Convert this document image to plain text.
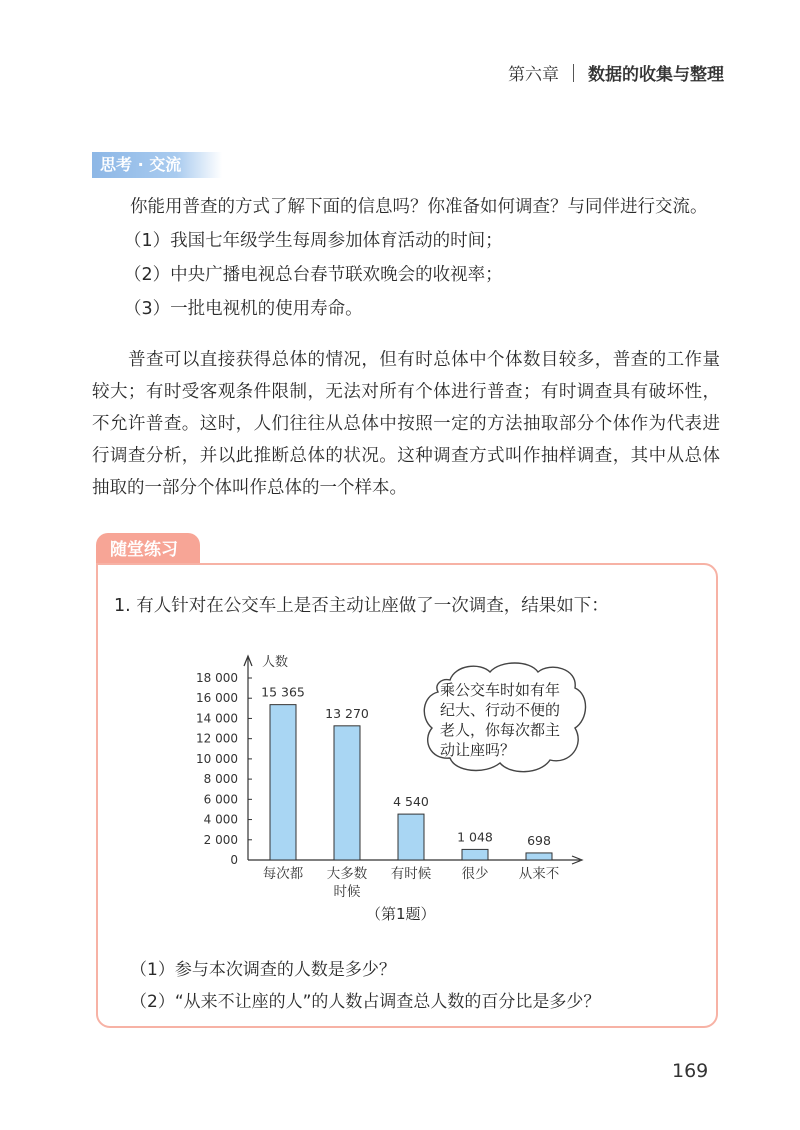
第六章 数据的收集与整理
思考 · 交流
你能用普查的方式了解下面的信息吗？你准备如何调查？与同伴进行交流。
（1）我国七年级学生每周参加体育活动的时间；
（2）中央广播电视总台春节联欢晚会的收视率；
（3）一批电视机的使用寿命。
普查可以直接获得总体的情况，但有时总体中个体数目较多，普查的工作量较大；有时受客观条件限制，无法对所有个体进行普查；有时调查具有破坏性，不允许普查。这时，人们往往从总体中按照一定的方法抽取部分个体作为代表进行调查分析，并以此推断总体的状况。这种调查方式叫作抽样调查，其中从总体抽取的一部分个体叫作总体的一个样本。
随堂练习
1. 有人针对在公交车上是否主动让座做了一次调查，结果如下：
人数
0
2 000
4 000
6 000
8 000
10 000
12 000
14 000
16 000
18 000
15 365
每次都
13 270
大多数
时候
4 540
有时候
1 048
很少
698
从来不
乘公交车时如有年纪大、行动不便的老人，你每次都主动让座吗？
（第1题）
（1）参与本次调查的人数是多少？
（2）“从来不让座的人”的人数占调查总人数的百分比是多少？
169
